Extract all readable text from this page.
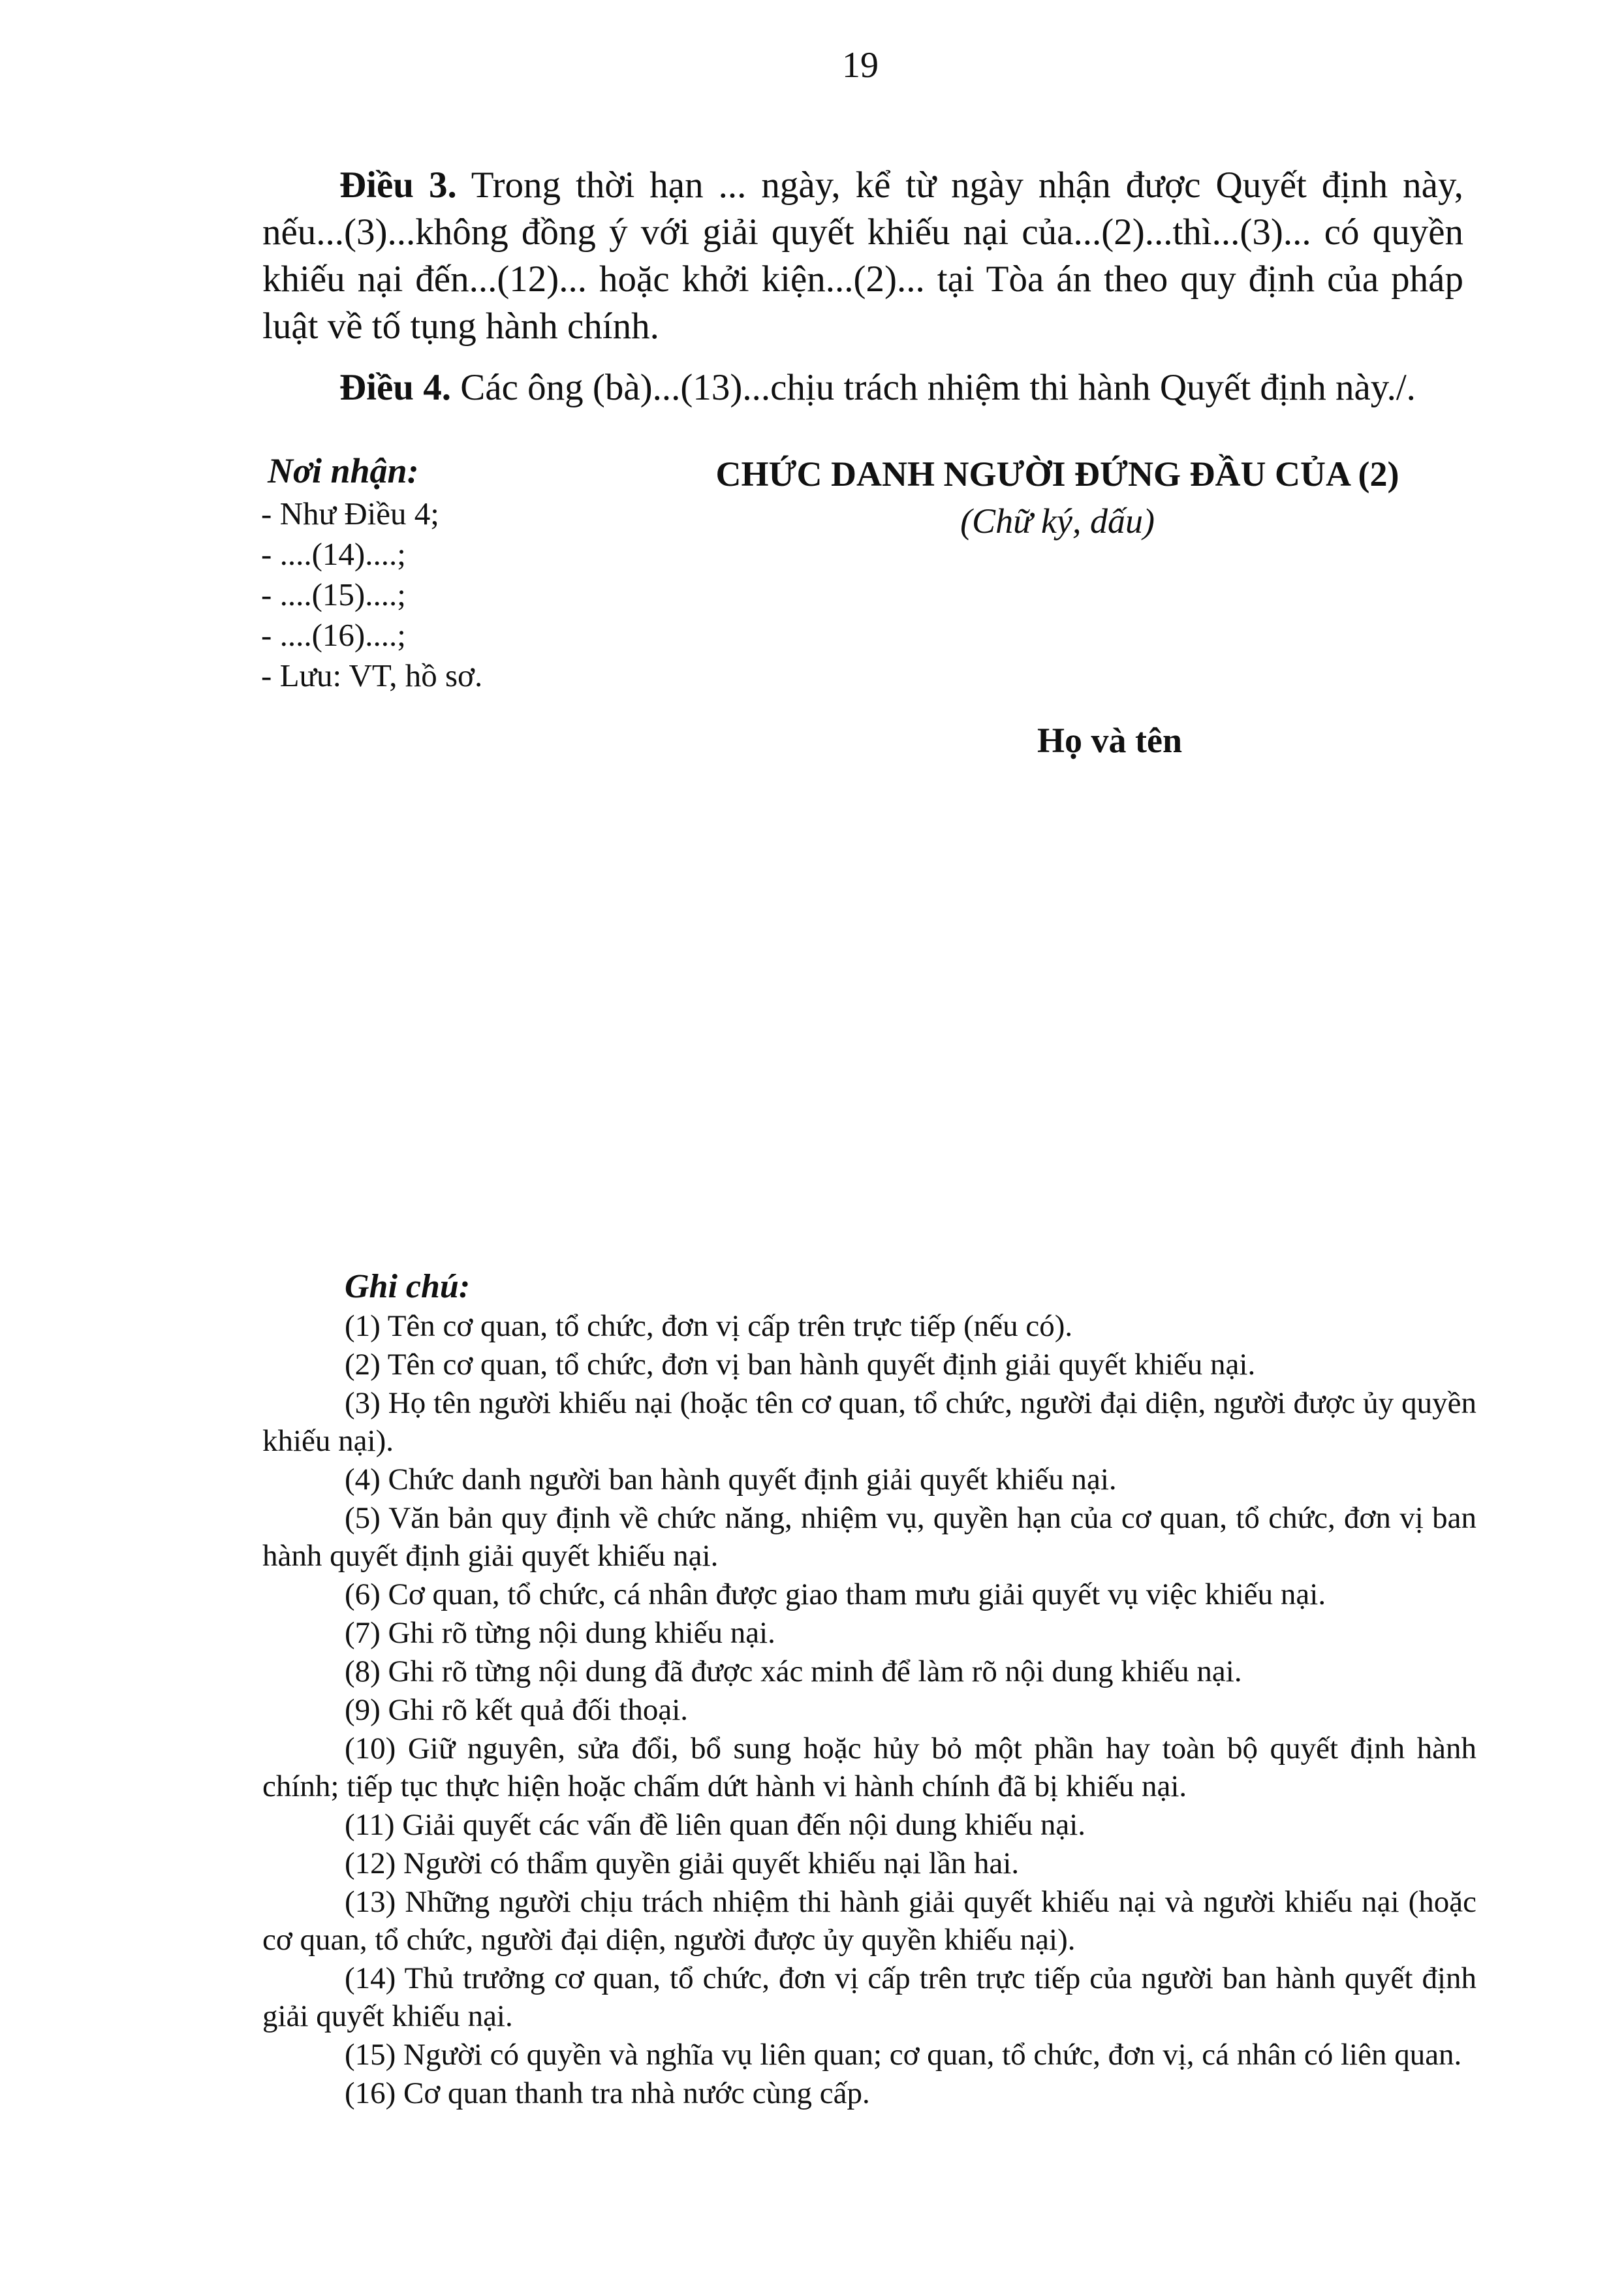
19

Điều 3. Trong thời hạn ... ngày, kể từ ngày nhận được Quyết định này, nếu...(3)...không đồng ý với giải quyết khiếu nại của...(2)...thì...(3)... có quyền khiếu nại đến...(12)... hoặc khởi kiện...(2)... tại Tòa án theo quy định của pháp luật về tố tụng hành chính.

Điều 4. Các ông (bà)...(13)...chịu trách nhiệm thi hành Quyết định này./.

Nơi nhận:
- Như Điều 4;
- ....(14)....;
- ....(15)....;
- ....(16)....;
- Lưu: VT, hồ sơ.
CHỨC DANH NGƯỜI ĐỨNG ĐẦU CỦA (2)
(Chữ ký, dấu)
Họ và tên
Ghi chú:

(1) Tên cơ quan, tổ chức, đơn vị cấp trên trực tiếp (nếu có).

(2) Tên cơ quan, tổ chức, đơn vị ban hành quyết định giải quyết khiếu nại.

(3) Họ tên người khiếu nại (hoặc tên cơ quan, tổ chức, người đại diện, người được ủy quyền khiếu nại).

(4) Chức danh người ban hành quyết định giải quyết khiếu nại.

(5) Văn bản quy định về chức năng, nhiệm vụ, quyền hạn của cơ quan, tổ chức, đơn vị ban hành quyết định giải quyết khiếu nại.

(6) Cơ quan, tổ chức, cá nhân được giao tham mưu giải quyết vụ việc khiếu nại.

(7) Ghi rõ từng nội dung khiếu nại.

(8) Ghi rõ từng nội dung đã được xác minh để làm rõ nội dung khiếu nại.

(9) Ghi rõ kết quả đối thoại.

(10) Giữ nguyên, sửa đổi, bổ sung hoặc hủy bỏ một phần hay toàn bộ quyết định hành chính; tiếp tục thực hiện hoặc chấm dứt hành vi hành chính đã bị khiếu nại.

(11) Giải quyết các vấn đề liên quan đến nội dung khiếu nại.

(12) Người có thẩm quyền giải quyết khiếu nại lần hai.

(13) Những người chịu trách nhiệm thi hành giải quyết khiếu nại và người khiếu nại (hoặc cơ quan, tổ chức, người đại diện, người được ủy quyền khiếu nại).

(14) Thủ trưởng cơ quan, tổ chức, đơn vị cấp trên trực tiếp của người ban hành quyết định giải quyết khiếu nại.

(15) Người có quyền và nghĩa vụ liên quan; cơ quan, tổ chức, đơn vị, cá nhân có liên quan.

(16) Cơ quan thanh tra nhà nước cùng cấp.
